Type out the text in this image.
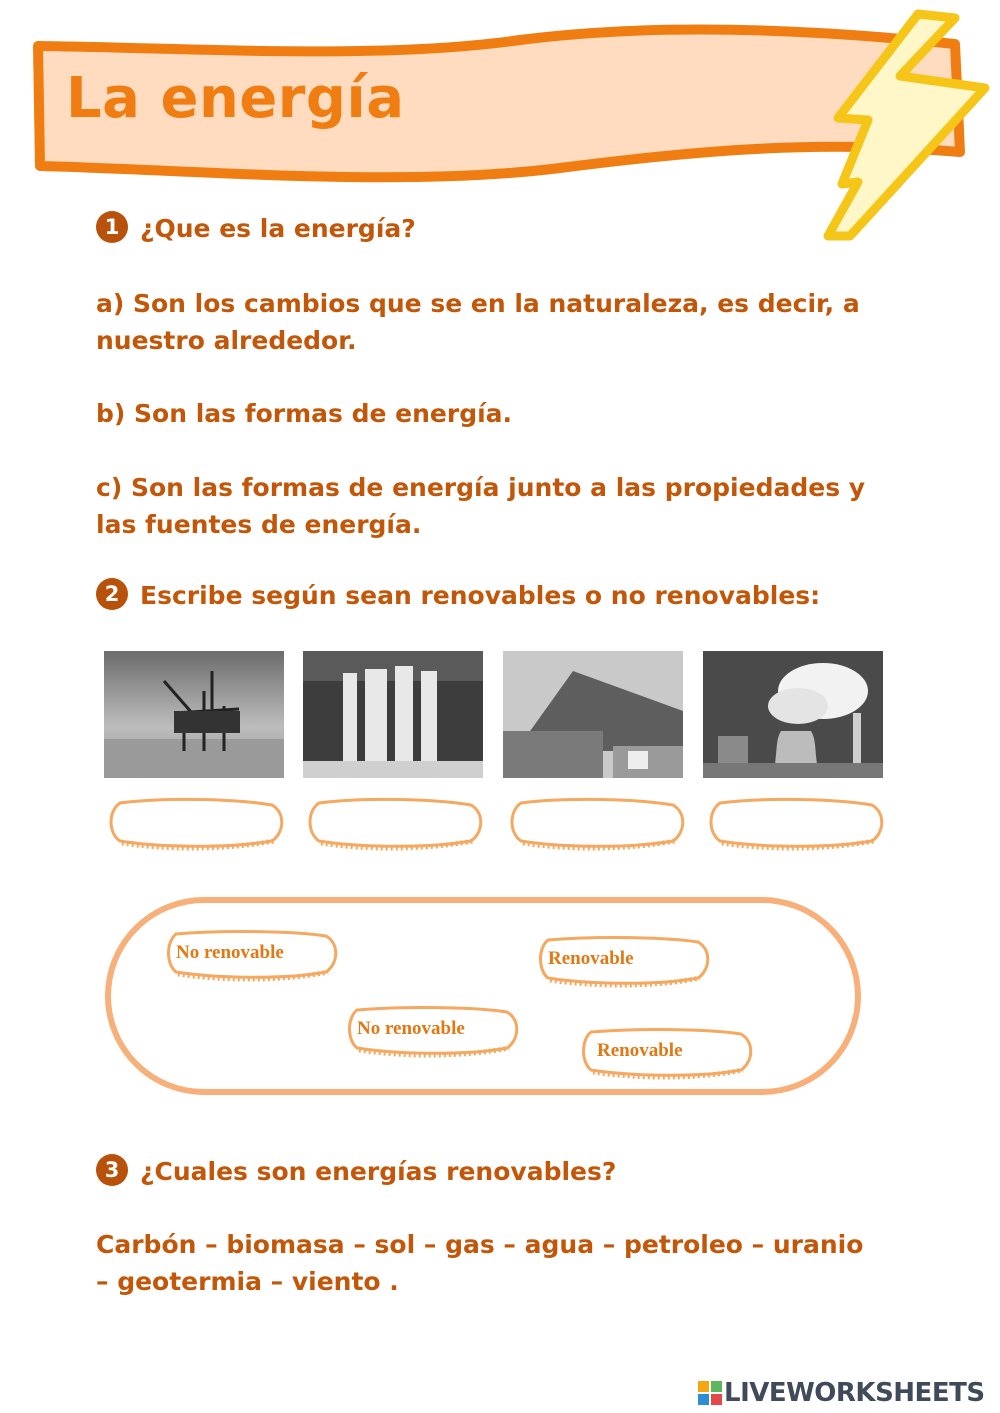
La energía

1 ¿Que es la energía?

a) Son los cambios que se en la naturaleza, es decir, a

nuestro alrededor.

b) Son las formas de energía.

c) Son las formas de energía junto a las propiedades y

las fuentes de energía.

2 Escribe según sean renovables o no renovables:

No renovable	Renovable
No renovable
Renovable

3 ¿Cuales son energías renovables?

Carbón – biomasa – sol – gas – agua – petroleo – uranio

– geotermia – viento .

LIVEWORKSHEETS
